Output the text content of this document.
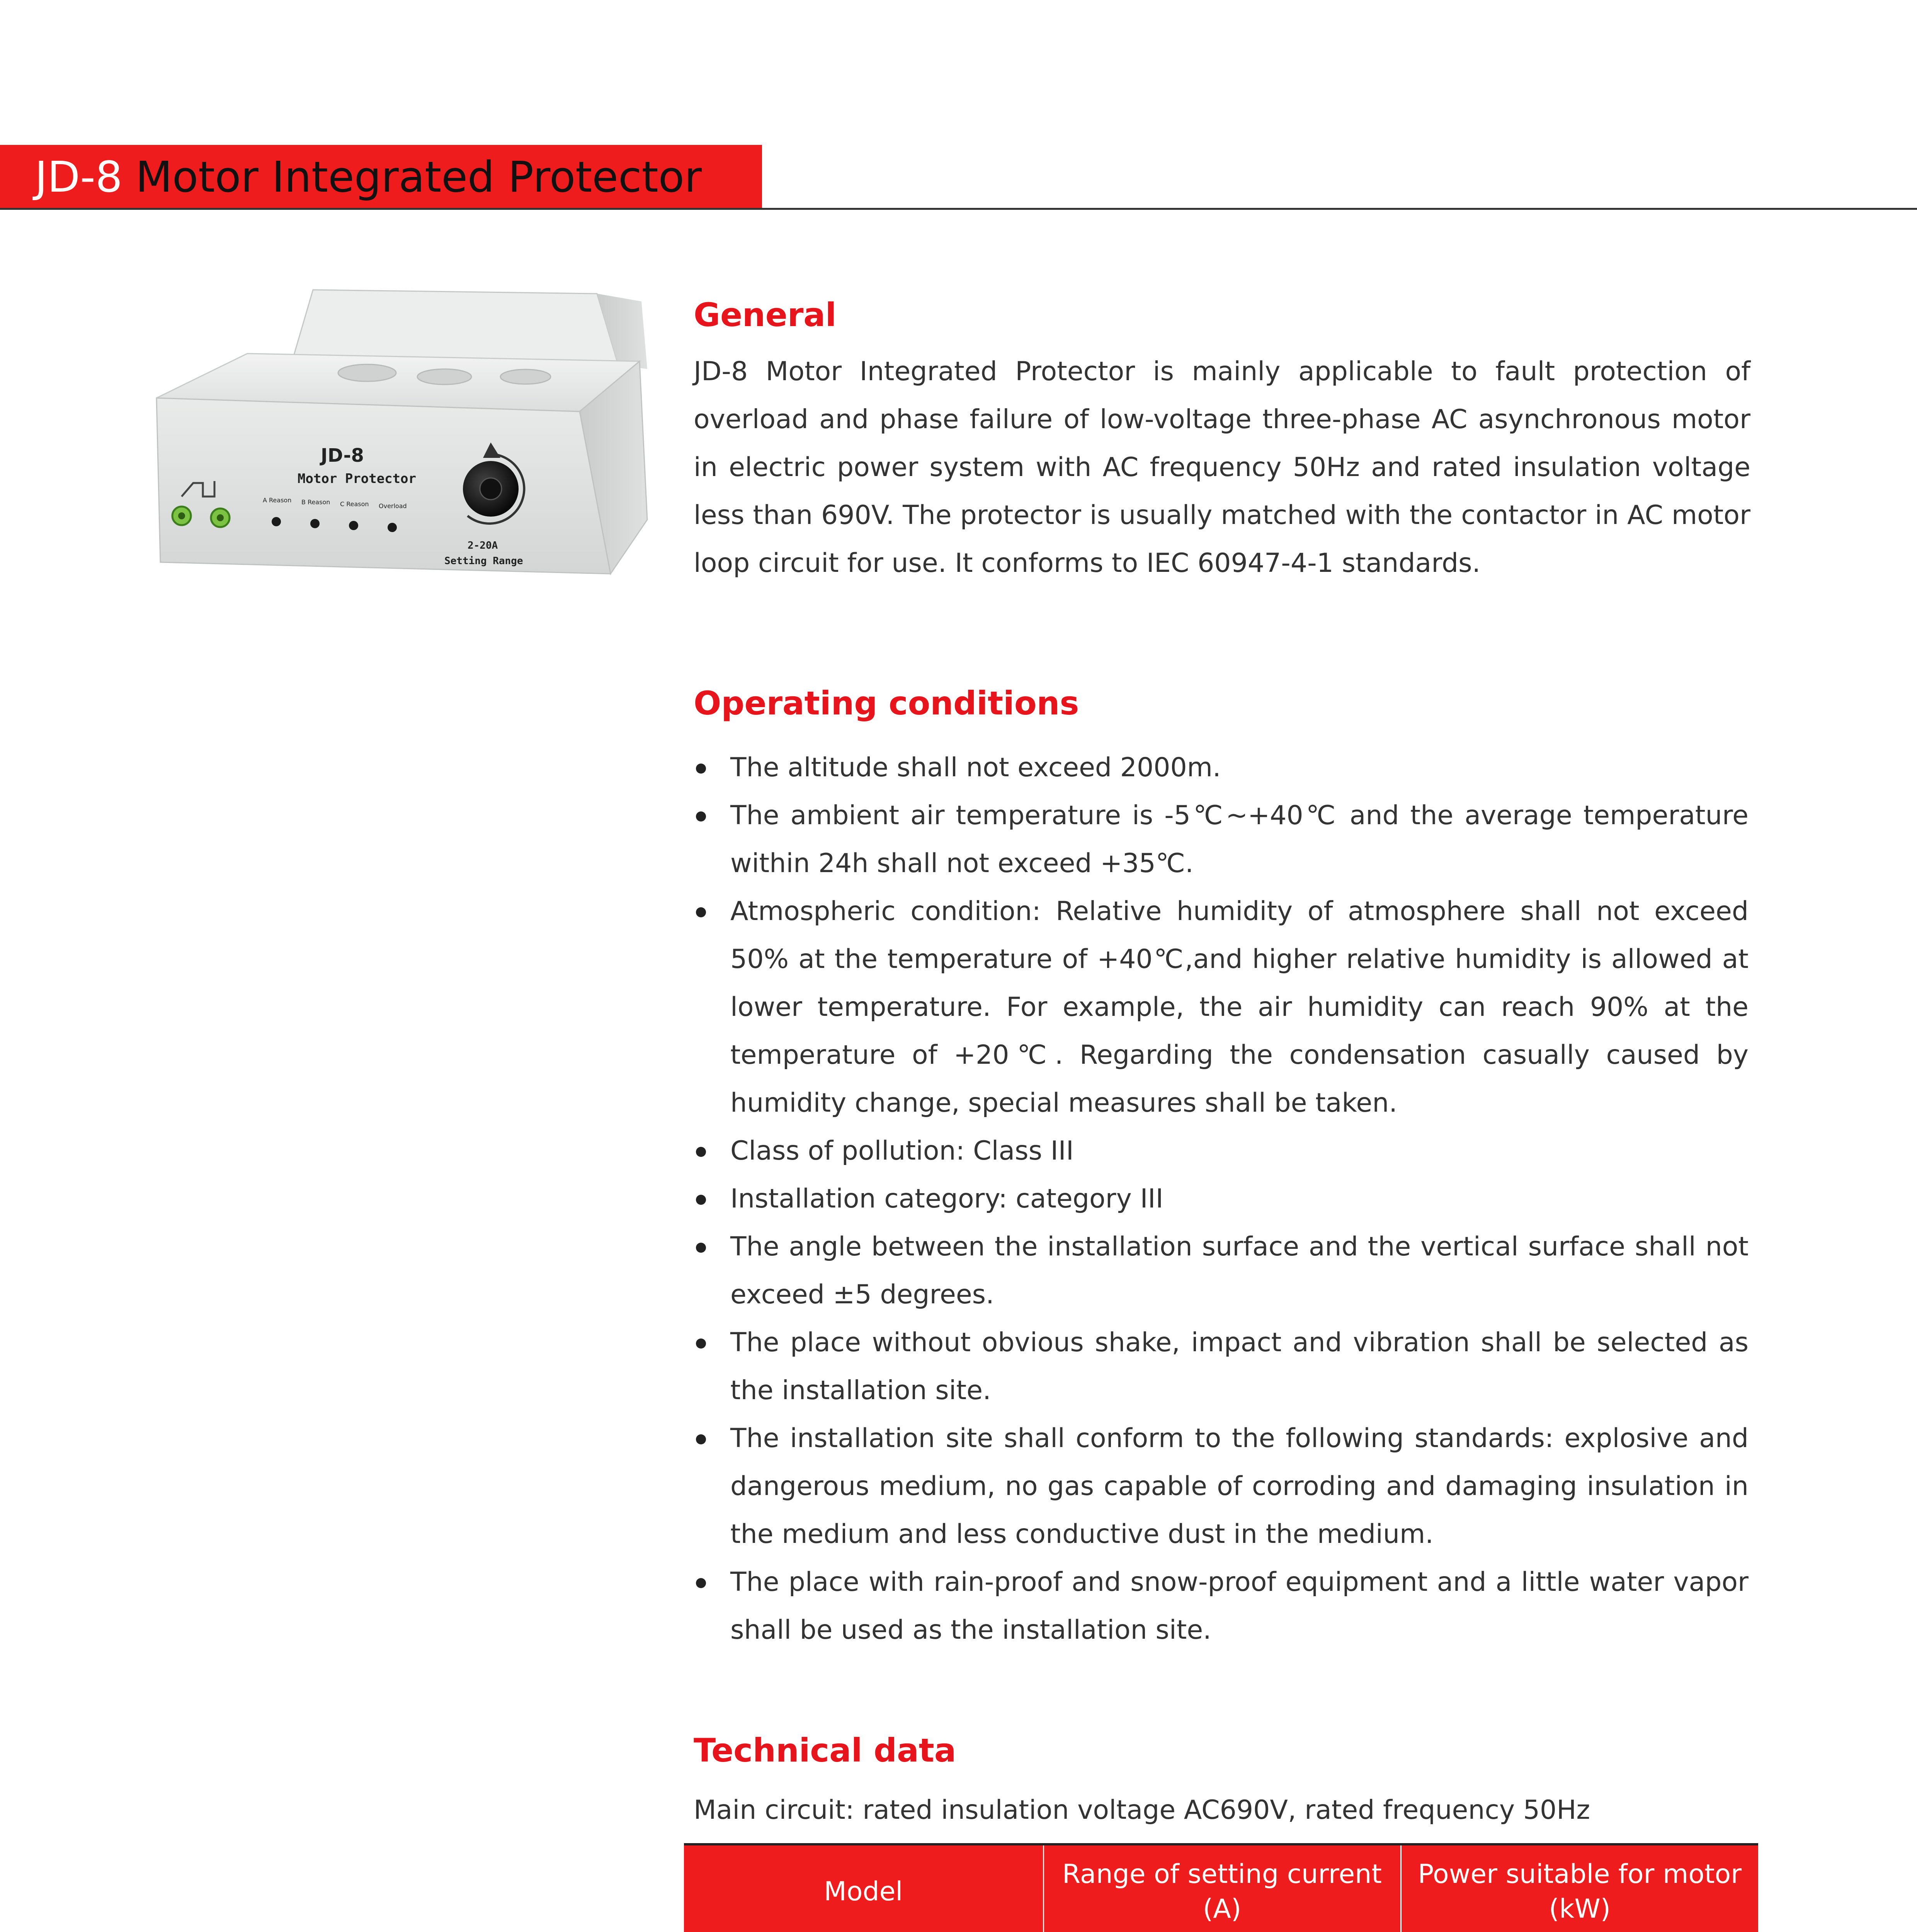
JD-8 Motor Integrated Protector
JD-8
Motor Protector
A Reason B Reason C Reason Overload
2-20A
Setting Range
General

JD-8 Motor Integrated Protector is mainly applicable to fault protection of overload and phase failure of low-voltage three-phase AC asynchronous motor in electric power system with AC frequency 50Hz and rated insulation voltage less than 690V. The protector is usually matched with the contactor in AC motor loop circuit for use. It conforms to IEC 60947-4-1 standards.

Operating conditions
The altitude shall not exceed 2000m.
The ambient air temperature is -5℃~+40℃ and the average temperature within 24h shall not exceed +35℃.
Atmospheric condition: Relative humidity of atmosphere shall not exceed 50% at the temperature of +40℃,and higher relative humidity is allowed at lower temperature. For example, the air humidity can reach 90% at the temperature of +20℃. Regarding the condensation casually caused by humidity change, special measures shall be taken.
Class of pollution: Class III
Installation category: category III
The angle between the installation surface and the vertical surface shall not exceed ±5 degrees.
The place without obvious shake, impact and vibration shall be selected as the installation site.
The installation site shall conform to the following standards: explosive and dangerous medium, no gas capable of corroding and damaging insulation in the medium and less conductive dust in the medium.
The place with rain-proof and snow-proof equipment and a little water vapor shall be used as the installation site.
Technical data

Main circuit: rated insulation voltage AC690V, rated frequency 50Hz

Model	Range of setting current (A)	Power suitable for motor (kW)
